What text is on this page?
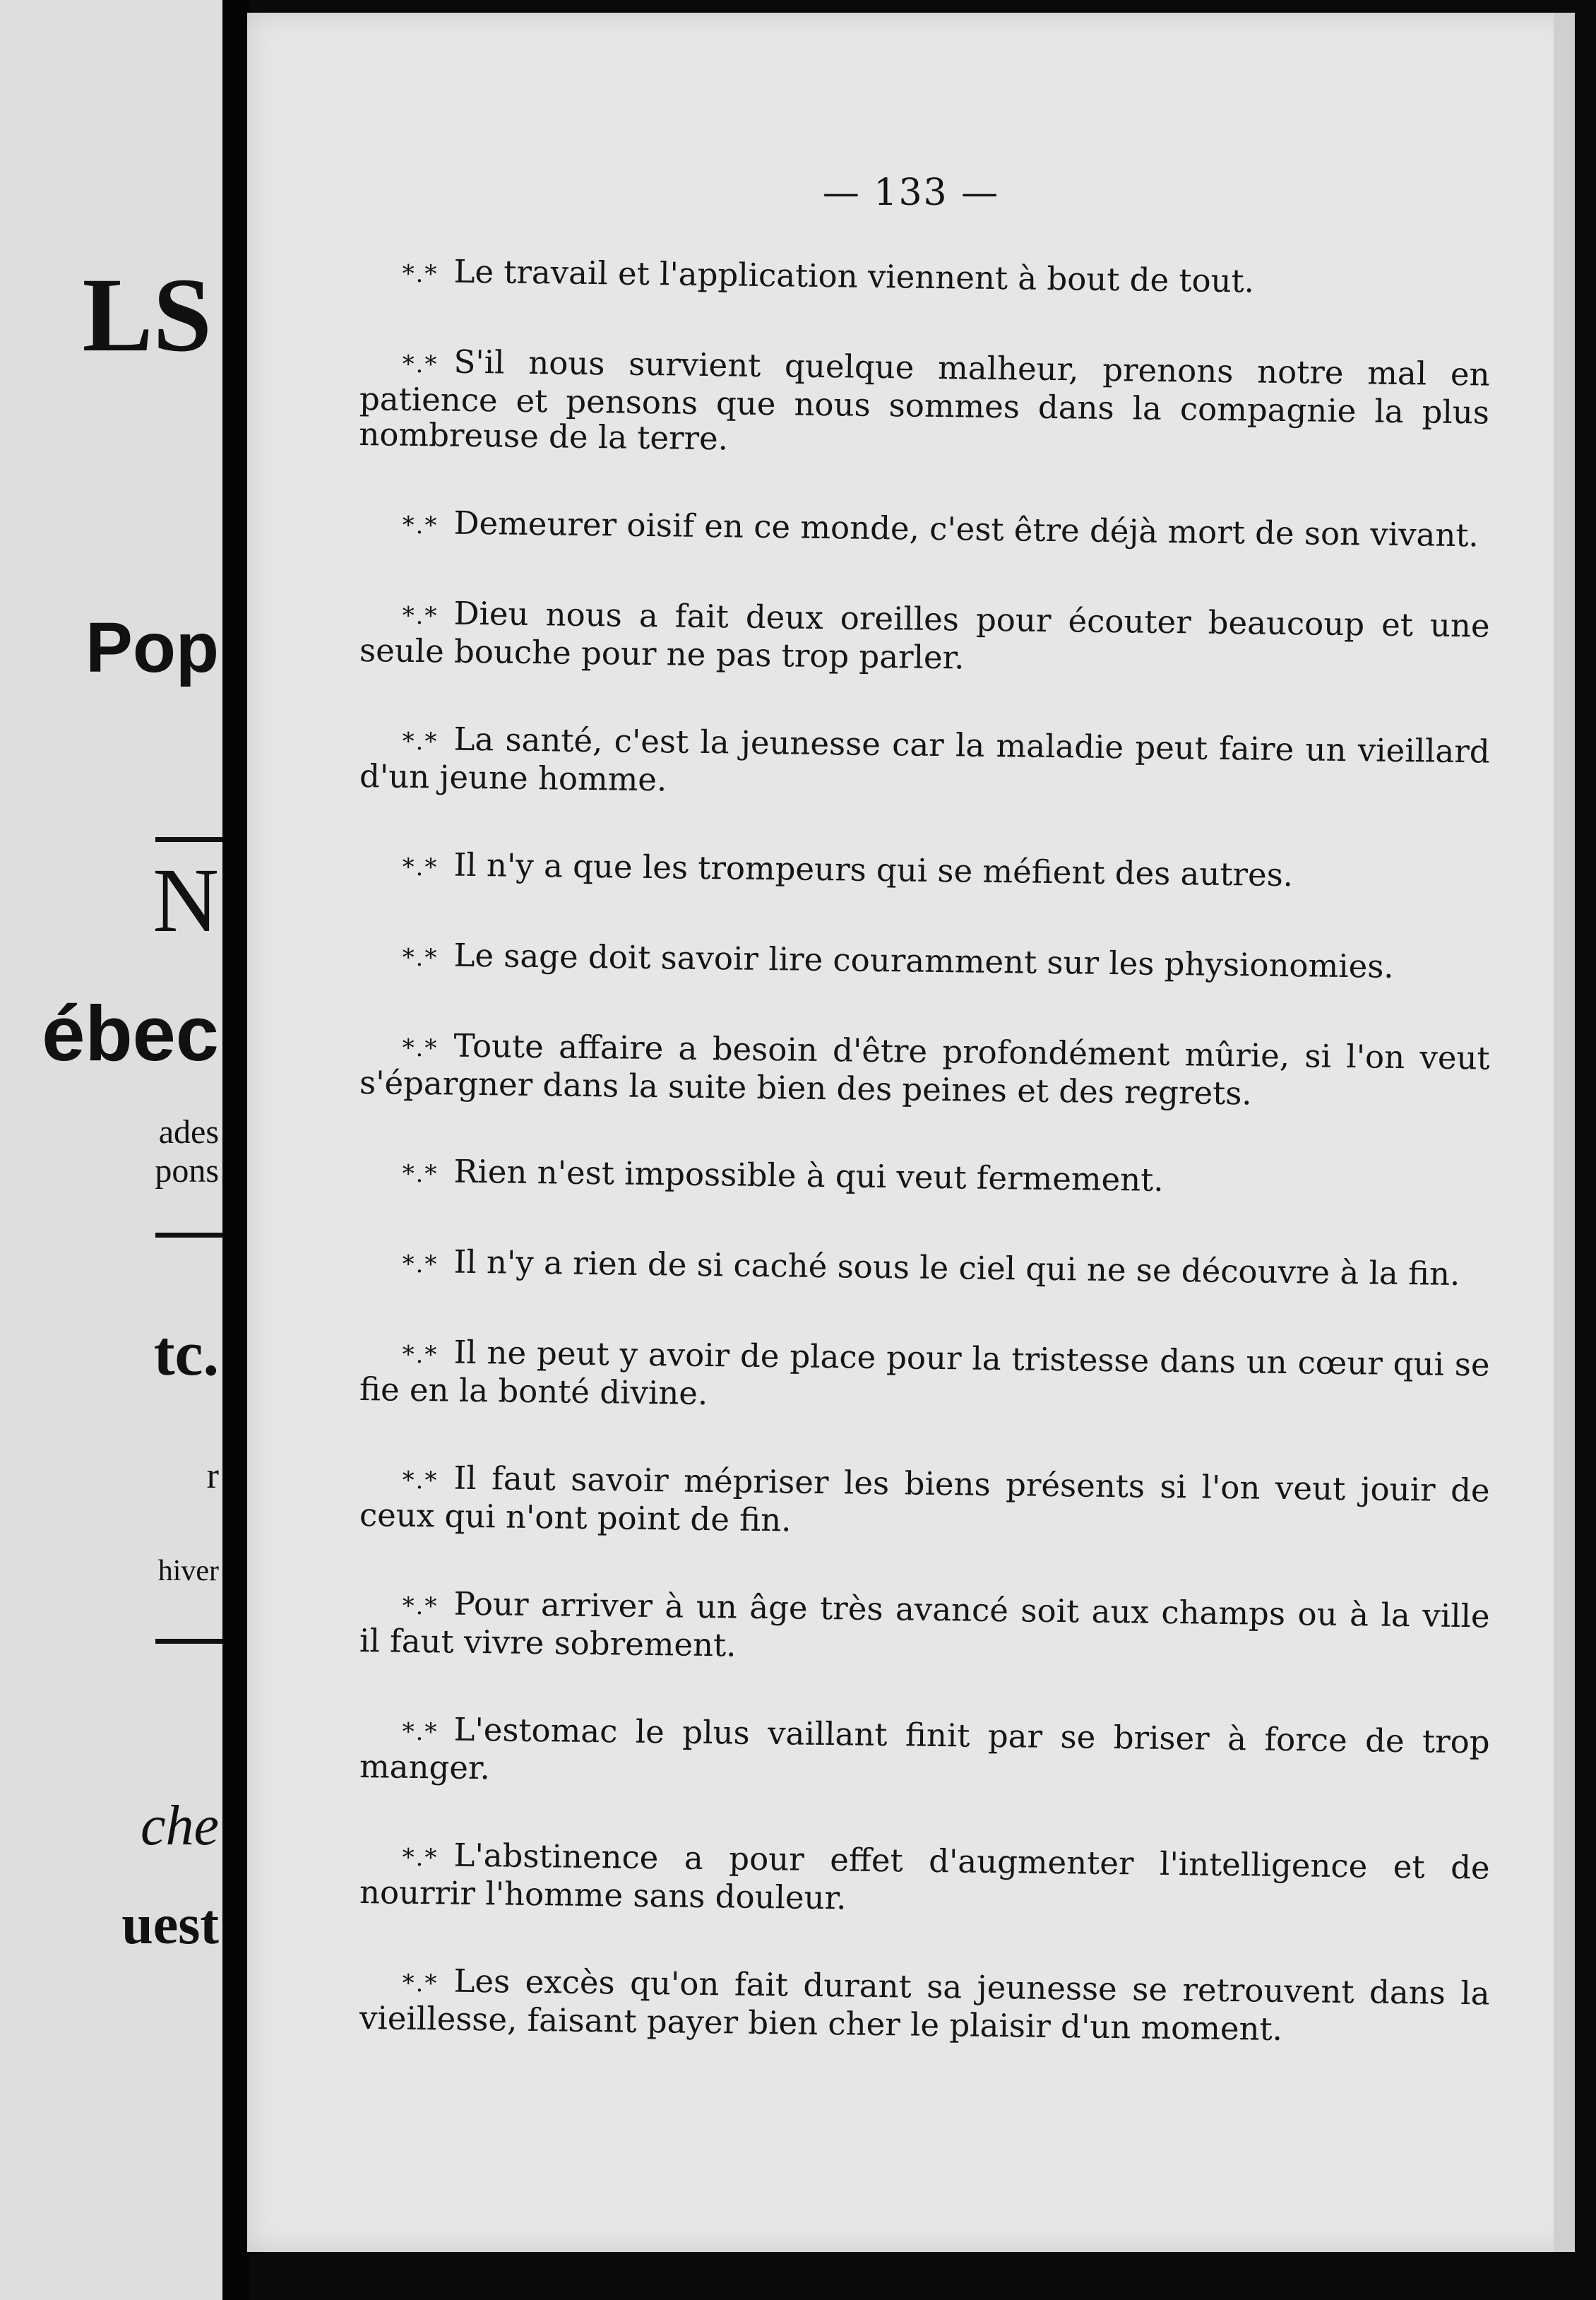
LS
Pop
N
ébec
ades
pons
tc.
r
hiver
che
uest
— 133 —

*.* Le travail et l'application viennent à bout de tout.

*.* S'il nous survient quelque malheur, prenons notre mal en patience et pensons que nous sommes dans la compagnie la plus nombreuse de la terre.

*.* Demeurer oisif en ce monde, c'est être déjà mort de son vivant.

*.* Dieu nous a fait deux oreilles pour écouter beaucoup et une seule bouche pour ne pas trop parler.

*.* La santé, c'est la jeunesse car la maladie peut faire un vieillard d'un jeune homme.

*.* Il n'y a que les trompeurs qui se méfient des autres.

*.* Le sage doit savoir lire couramment sur les physionomies.

*.* Toute affaire a besoin d'être profondément mûrie, si l'on veut s'épargner dans la suite bien des peines et des regrets.

*.* Rien n'est impossible à qui veut fermement.

*.* Il n'y a rien de si caché sous le ciel qui ne se découvre à la fin.

*.* Il ne peut y avoir de place pour la tristesse dans un cœur qui se fie en la bonté divine.

*.* Il faut savoir mépriser les biens présents si l'on veut jouir de ceux qui n'ont point de fin.

*.* Pour arriver à un âge très avancé soit aux champs ou à la ville il faut vivre sobrement.

*.* L'estomac le plus vaillant finit par se briser à force de trop manger.

*.* L'abstinence a pour effet d'augmenter l'intelligence et de nourrir l'homme sans douleur.

*.* Les excès qu'on fait durant sa jeunesse se retrouvent dans la vieillesse, faisant payer bien cher le plaisir d'un moment.
